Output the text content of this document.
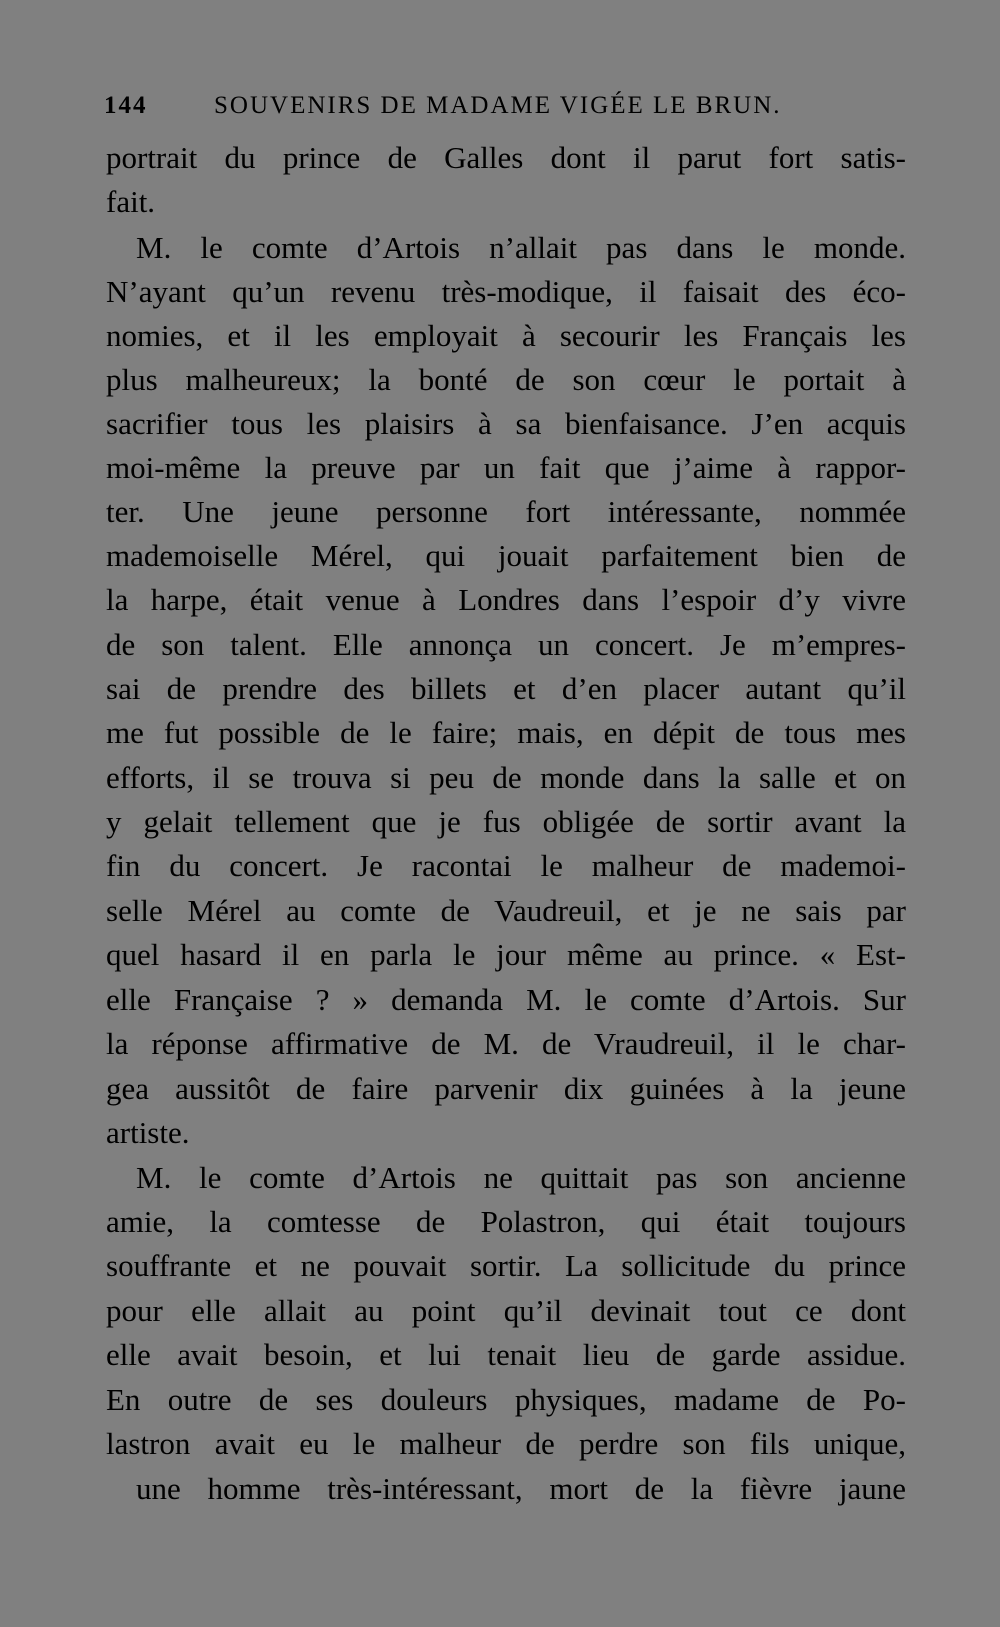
144	SOUVENIRS DE MADAME VIGÉE LE BRUN.
portrait du prince de Galles dont il parut fort satis-
fait.
M. le comte d’Artois n’allait pas dans le monde.
N’ayant qu’un revenu très-modique, il faisait des éco-
nomies, et il les employait à secourir les Français les
plus malheureux; la bonté de son cœur le portait à
sacrifier tous les plaisirs à sa bienfaisance. J’en acquis
moi-même la preuve par un fait que j’aime à rappor-
ter. Une jeune personne fort intéressante, nommée
mademoiselle Mérel, qui jouait parfaitement bien de
la harpe, était venue à Londres dans l’espoir d’y vivre
de son talent. Elle annonça un concert. Je m’empres-
sai de prendre des billets et d’en placer autant qu’il
me fut possible de le faire; mais, en dépit de tous mes
efforts, il se trouva si peu de monde dans la salle et on
y gelait tellement que je fus obligée de sortir avant la
fin du concert. Je racontai le malheur de mademoi-
selle Mérel au comte de Vaudreuil, et je ne sais par
quel hasard il en parla le jour même au prince. « Est-
elle Française ? » demanda M. le comte d’Artois. Sur
la réponse affirmative de M. de Vraudreuil, il le char-
gea aussitôt de faire parvenir dix guinées à la jeune
artiste.
M. le comte d’Artois ne quittait pas son ancienne
amie, la comtesse de Polastron, qui était toujours
souffrante et ne pouvait sortir. La sollicitude du prince
pour elle allait au point qu’il devinait tout ce dont
elle avait besoin, et lui tenait lieu de garde assidue.
En outre de ses douleurs physiques, madame de Po-
lastron avait eu le malheur de perdre son fils unique,
une homme très-intéressant, mort de la fièvre jaune
